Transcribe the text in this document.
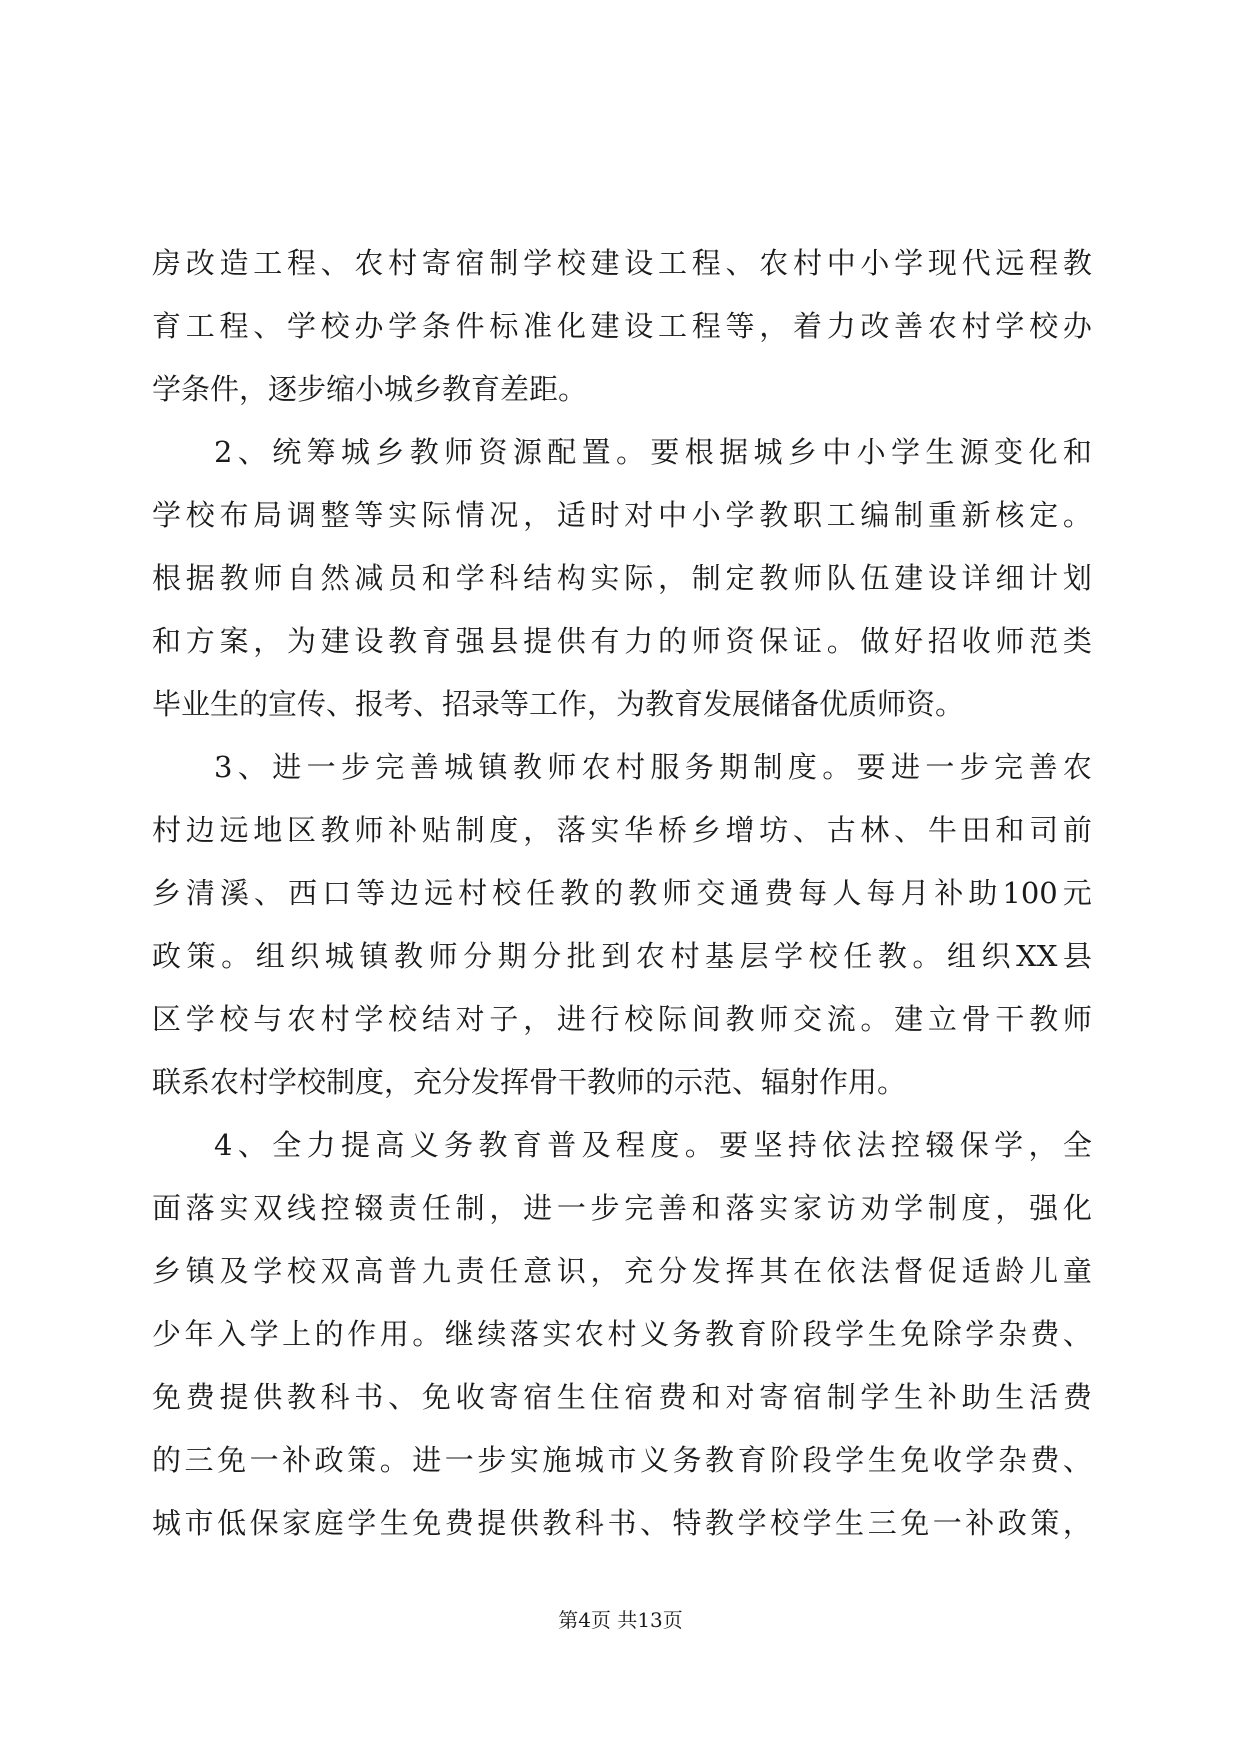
房 改 造 工 程 、 农 村 寄 宿 制 学 校 建 设 工 程 、 农 村 中 小 学 现 代 远 程 教
育 工 程 、 学 校 办 学 条 件 标 准 化 建 设 工 程 等 ， 着 力 改 善 农 村 学 校 办
学条件，逐步缩小城乡教育差距。
2 、 统 筹 城 乡 教 师 资 源 配 置 。 要 根 据 城 乡 中 小 学 生 源 变 化 和
学 校 布 局 调 整 等 实 际 情 况 ， 适 时 对 中 小 学 教 职 工 编 制 重 新 核 定 。
根 据 教 师 自 然 减 员 和 学 科 结 构 实 际 ， 制 定 教 师 队 伍 建 设 详 细 计 划
和 方 案 ， 为 建 设 教 育 强 县 提 供 有 力 的 师 资 保 证 。 做 好 招 收 师 范 类
毕业生的宣传、报考、招录等工作，为教育发展储备优质师资。
3 、 进 一 步 完 善 城 镇 教 师 农 村 服 务 期 制 度 。 要 进 一 步 完 善 农
村 边 远 地 区 教 师 补 贴 制 度 ， 落 实 华 桥 乡 增 坊 、 古 林 、 牛 田 和 司 前
乡 清 溪 、 西 口 等 边 远 村 校 任 教 的 教 师 交 通 费 每 人 每 月 补 助 100 元
政 策 。 组 织 城 镇 教 师 分 期 分 批 到 农 村 基 层 学 校 任 教 。 组 织 XX 县
区 学 校 与 农 村 学 校 结 对 子 ， 进 行 校 际 间 教 师 交 流 。 建 立 骨 干 教 师
联系农村学校制度，充分发挥骨干教师的示范、辐射作用。
4 、 全 力 提 高 义 务 教 育 普 及 程 度 。 要 坚 持 依 法 控 辍 保 学 ， 全
面 落 实 双 线 控 辍 责 任 制 ， 进 一 步 完 善 和 落 实 家 访 劝 学 制 度 ， 强 化
乡 镇 及 学 校 双 高 普 九 责 任 意 识 ， 充 分 发 挥 其 在 依 法 督 促 适 龄 儿 童
少 年 入 学 上 的 作 用 。 继 续 落 实 农 村 义 务 教 育 阶 段 学 生 免 除 学 杂 费 、
免 费 提 供 教 科 书 、 免 收 寄 宿 生 住 宿 费 和 对 寄 宿 制 学 生 补 助 生 活 费
的 三 免 一 补 政 策 。 进 一 步 实 施 城 市 义 务 教 育 阶 段 学 生 免 收 学 杂 费 、
城 市 低 保 家 庭 学 生 免 费 提 供 教 科 书 、 特 教 学 校 学 生 三 免 一 补 政 策 ，
第4页 共13页
